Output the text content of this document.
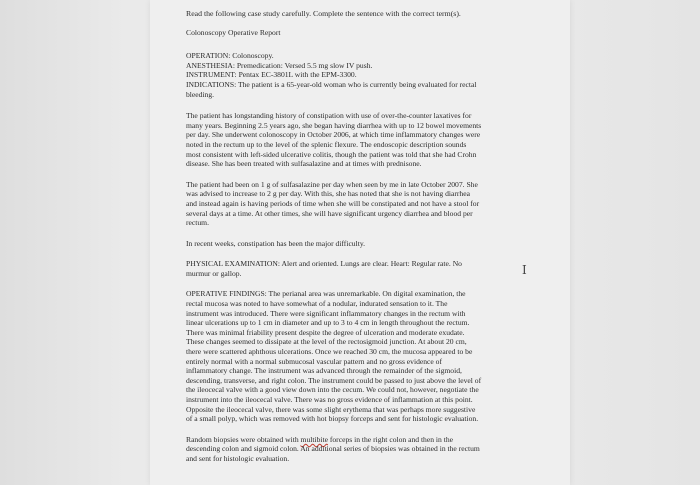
Read the following case study carefully. Complete the sentence with the correct term(s).

Colonoscopy Operative Report

OPERATION: Colonoscopy.
ANESTHESIA: Premedication: Versed 5.5 mg slow IV push.
INSTRUMENT: Pentax EC-3801L with the EPM-3300.
INDICATIONS: The patient is a 65-year-old woman who is currently being evaluated for rectal
bleeding.

The patient has longstanding history of constipation with use of over-the-counter laxatives for
many years. Beginning 2.5 years ago, she began having diarrhea with up to 12 bowel movements
per day. She underwent colonoscopy in October 2006, at which time inflammatory changes were
noted in the rectum up to the level of the splenic flexure. The endoscopic description sounds
most consistent with left-sided ulcerative colitis, though the patient was told that she had Crohn
disease. She has been treated with sulfasalazine and at times with prednisone.

The patient had been on 1 g of sulfasalazine per day when seen by me in late October 2007. She
was advised to increase to 2 g per day. With this, she has noted that she is not having diarrhea
and instead again is having periods of time when she will be constipated and not have a stool for
several days at a time. At other times, she will have significant urgency diarrhea and blood per
rectum.

In recent weeks, constipation has been the major difficulty.

PHYSICAL EXAMINATION: Alert and oriented. Lungs are clear. Heart: Regular rate. No
murmur or gallop.

OPERATIVE FINDINGS: The perianal area was unremarkable. On digital examination, the
rectal mucosa was noted to have somewhat of a nodular, indurated sensation to it. The
instrument was introduced. There were significant inflammatory changes in the rectum with
linear ulcerations up to 1 cm in diameter and up to 3 to 4 cm in length throughout the rectum.
There was minimal friability present despite the degree of ulceration and moderate exudate.
These changes seemed to dissipate at the level of the rectosigmoid junction. At about 20 cm,
there were scattered aphthous ulcerations. Once we reached 30 cm, the mucosa appeared to be
entirely normal with a normal submucosal vascular pattern and no gross evidence of
inflammatory change. The instrument was advanced through the remainder of the sigmoid,
descending, transverse, and right colon. The instrument could be passed to just above the level of
the ileocecal valve with a good view down into the cecum. We could not, however, negotiate the
instrument into the ileocecal valve. There was no gross evidence of inflammation at this point.
Opposite the ileocecal valve, there was some slight erythema that was perhaps more suggestive
of a small polyp, which was removed with hot biopsy forceps and sent for histologic evaluation.

Random biopsies were obtained with multibite forceps in the right colon and then in the
descending colon and sigmoid colon. An additional series of biopsies was obtained in the rectum
and sent for histologic evaluation.

I
